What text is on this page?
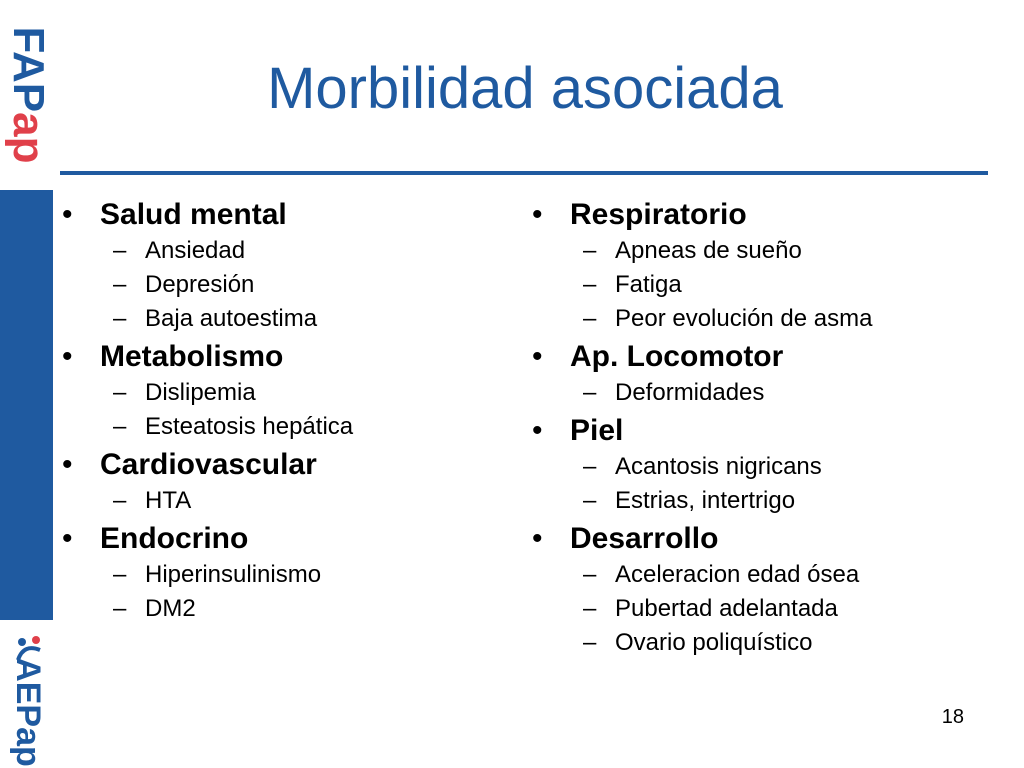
FAPap
AEPap
Morbilidad asociada
• Salud mental
– Ansiedad
– Depresión
– Baja autoestima
• Metabolismo
– Dislipemia
– Esteatosis hepática
• Cardiovascular
– HTA
• Endocrino
– Hiperinsulinismo
– DM2
• Respiratorio
– Apneas de sueño
– Fatiga
– Peor evolución de asma
• Ap. Locomotor
– Deformidades
• Piel
– Acantosis nigricans
– Estrias, intertrigo
• Desarrollo
– Aceleracion edad ósea
– Pubertad adelantada
– Ovario poliquístico
18
